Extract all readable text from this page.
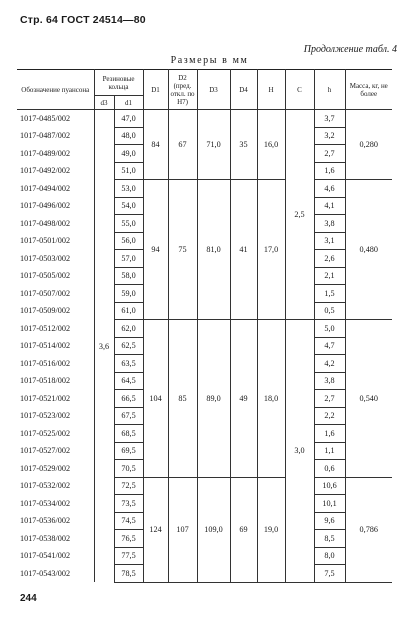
Стр. 64 ГОСТ 24514—80
Продолжение табл. 4
Размеры в мм
Обозначение пуансона	Резиновые кольца		D1	D2 (пред. откл. по H7)	D3	D4	H	C	h	Масса, кг, не более
	d3	d1								
1017-0485/002	3,6	47,0	84	67	71,0	35	16,0	2,5	3,7	0,280
1017-0487/002		48,0							3,2	
1017-0489/002		49,0							2,7	
1017-0492/002		51,0							1,6	
1017-0494/002		53,0	94	75	81,0	41	17,0		4,6	0,480
1017-0496/002		54,0							4,1	
1017-0498/002		55,0							3,8	
1017-0501/002		56,0							3,1	
1017-0503/002		57,0							2,6	
1017-0505/002		58,0							2,1	
1017-0507/002		59,0							1,5	
1017-0509/002		61,0							0,5	
1017-0512/002		62,0	104	85	89,0	49	18,0	3,0	5,0	0,540
1017-0514/002		62,5							4,7	
1017-0516/002		63,5							4,2	
1017-0518/002		64,5							3,8	
1017-0521/002		66,5							2,7	
1017-0523/002		67,5							2,2	
1017-0525/002		68,5							1,6	
1017-0527/002		69,5							1,1	
1017-0529/002		70,5							0,6	
1017-0532/002		72,5	124	107	109,0	69	19,0		10,6	0,786
1017-0534/002		73,5							10,1	
1017-0536/002		74,5							9,6	
1017-0538/002		76,5							8,5	
1017-0541/002		77,5							8,0	
1017-0543/002		78,5							7,5	
244
